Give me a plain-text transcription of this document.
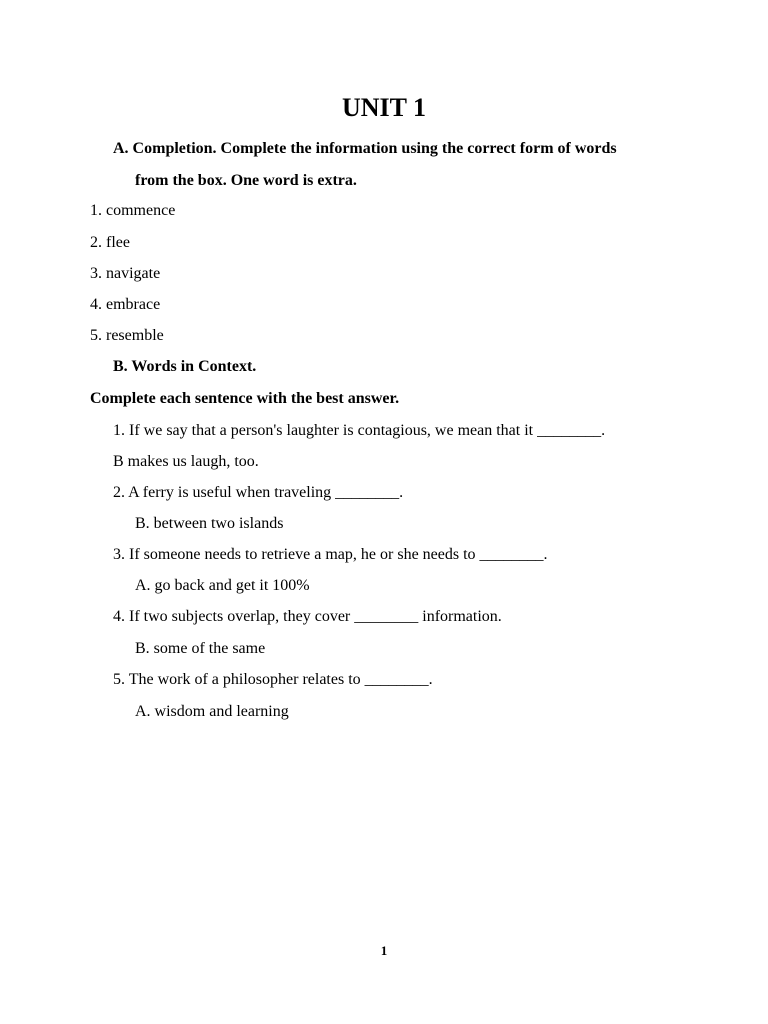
UNIT 1
A. Completion. Complete the information using the correct form of words
from the box. One word is extra.
1. commence
2. flee
3. navigate
4. embrace
5. resemble
B. Words in Context.
Complete each sentence with the best answer.
1. If we say that a person's laughter is contagious, we mean that it ________.
B makes us laugh, too.
2. A ferry is useful when traveling ________.
B. between two islands
3. If someone needs to retrieve a map, he or she needs to ________.
A. go back and get it 100%
4. If two subjects overlap, they cover ________ information.
B. some of the same
5. The work of a philosopher relates to ________.
A. wisdom and learning
1
